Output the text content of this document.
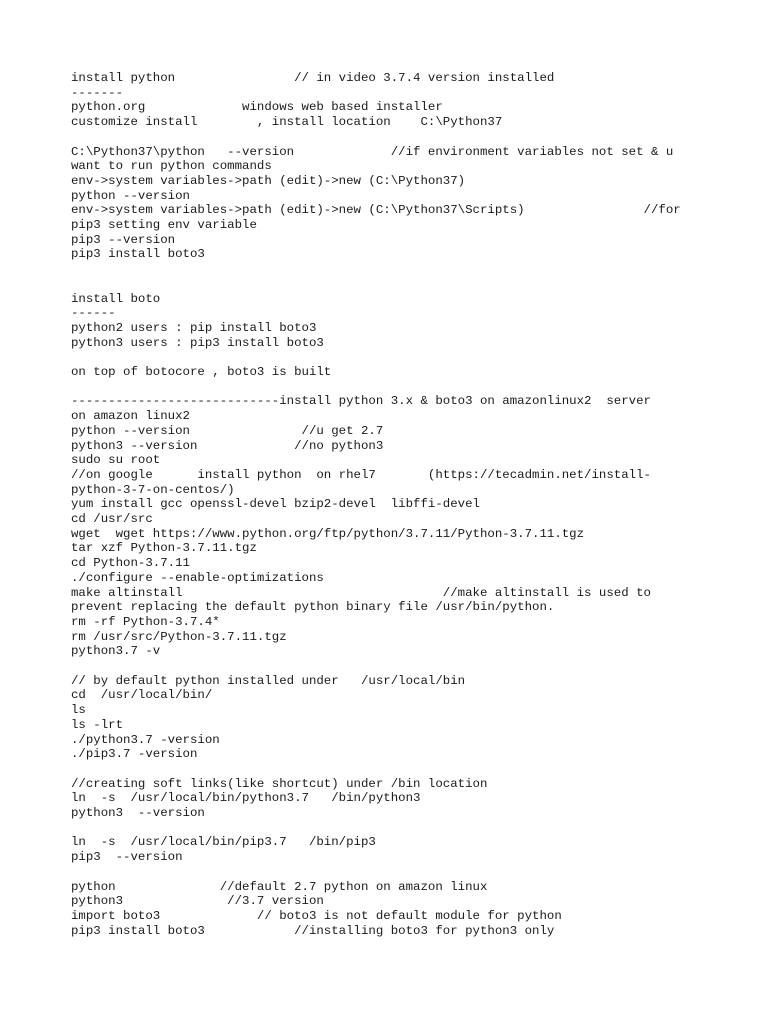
install python                // in video 3.7.4 version installed
-------
python.org             windows web based installer
customize install        , install location    C:\Python37
C:\Python37\python   --version             //if environment variables not set & u
want to run python commands
env->system variables->path (edit)->new (C:\Python37)
python --version
env->system variables->path (edit)->new (C:\Python37\Scripts)                //for
pip3 setting env variable
pip3 --version
pip3 install boto3
install boto
------
python2 users : pip install boto3
python3 users : pip3 install boto3
on top of botocore , boto3 is built
----------------------------install python 3.x & boto3 on amazonlinux2  server
on amazon linux2
python --version               //u get 2.7
python3 --version             //no python3
sudo su root
//on google      install python  on rhel7       (https://tecadmin.net/install-
python-3-7-on-centos/)
yum install gcc openssl-devel bzip2-devel  libffi-devel
cd /usr/src
wget  wget https://www.python.org/ftp/python/3.7.11/Python-3.7.11.tgz
tar xzf Python-3.7.11.tgz
cd Python-3.7.11
./configure --enable-optimizations
make altinstall                                   //make altinstall is used to
prevent replacing the default python binary file /usr/bin/python.
rm -rf Python-3.7.4*
rm /usr/src/Python-3.7.11.tgz
python3.7 -v
// by default python installed under   /usr/local/bin
cd  /usr/local/bin/
ls
ls -lrt
./python3.7 -version
./pip3.7 -version
//creating soft links(like shortcut) under /bin location
ln  -s  /usr/local/bin/python3.7   /bin/python3
python3  --version
ln  -s  /usr/local/bin/pip3.7   /bin/pip3
pip3  --version
python              //default 2.7 python on amazon linux
python3              //3.7 version
import boto3             // boto3 is not default module for python
pip3 install boto3            //installing boto3 for python3 only
